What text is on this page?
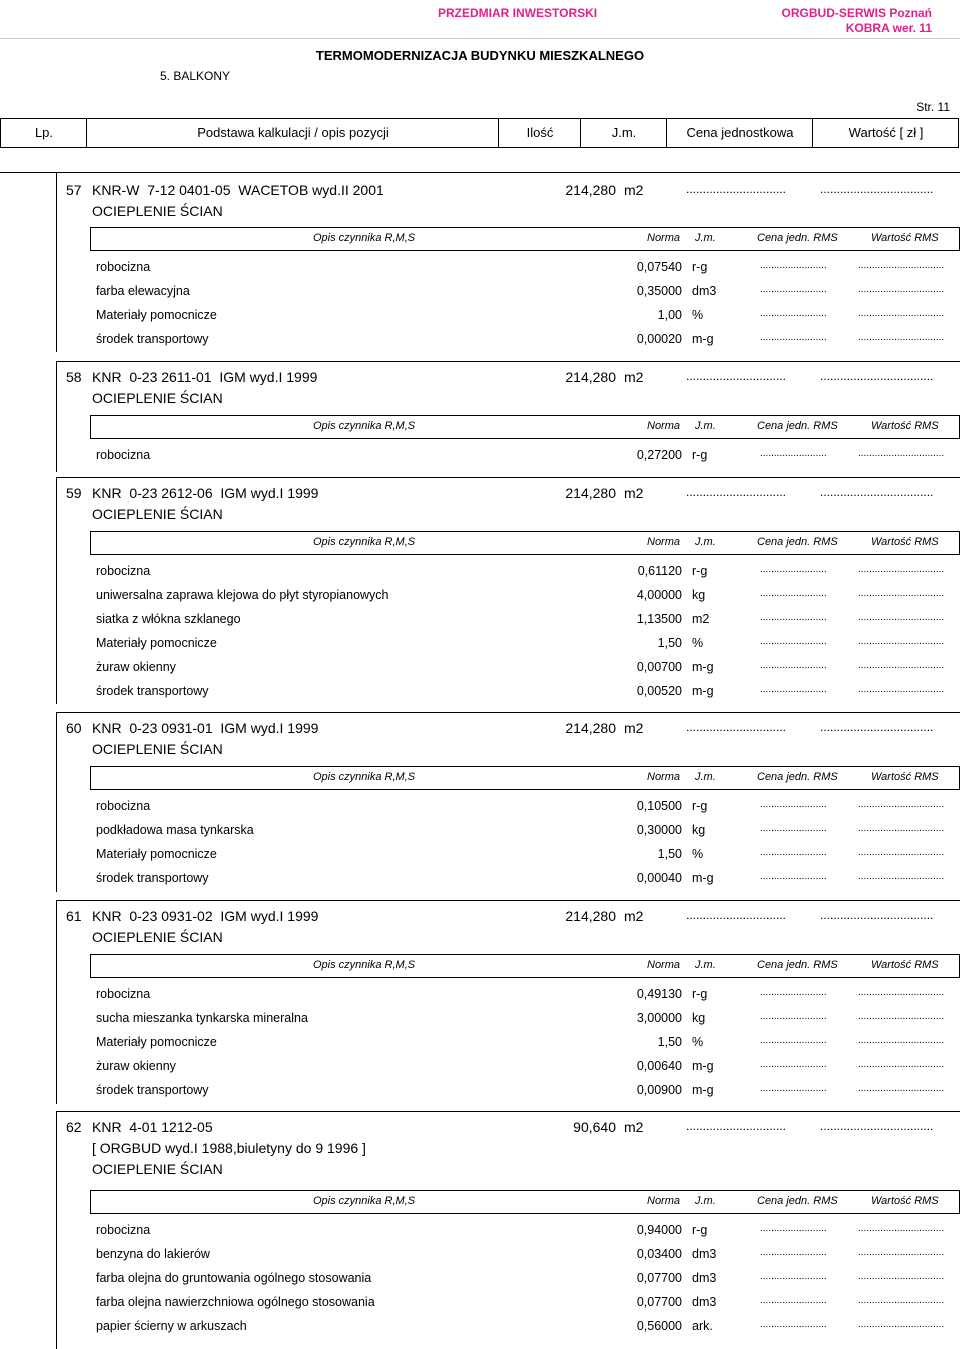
PRZEDMIAR INWESTORSKI	ORGBUD-SERWIS Poznań
KOBRA wer. 11
TERMOMODERNIZACJA BUDYNKU MIESZKALNEGO
5. BALKONY
Str. 11
Lp.	Podstawa kalkulacji / opis pozycji	Ilość	J.m.	Cena jednostkowa	Wartość [ zł ]
57 KNR-W  7-12 0401-05  WACETOB wyd.II 2001	214,280 m2	..............................	..................................
OCIEPLENIE ŚCIAN
Opis czynnika R,M,S	Norma J.m.	Cena jedn. RMS	Wartość RMS
robocizna	0,07540 r-g	........................	...............................
farba elewacyjna	0,35000 dm3	........................	...............................
Materiały pomocnicze	1,00 %	........................	...............................
środek transportowy	0,00020 m-g	........................	...............................
58 KNR  0-23 2611-01  IGM wyd.I 1999	214,280 m2	..............................	..................................
OCIEPLENIE ŚCIAN
Opis czynnika R,M,S	Norma J.m.	Cena jedn. RMS	Wartość RMS
robocizna	0,27200 r-g	........................	...............................
59 KNR  0-23 2612-06  IGM wyd.I 1999	214,280 m2	..............................	..................................
OCIEPLENIE ŚCIAN
Opis czynnika R,M,S	Norma J.m.	Cena jedn. RMS	Wartość RMS
robocizna	0,61120 r-g	........................	...............................
uniwersalna zaprawa klejowa do płyt styropianowych	4,00000 kg	........................	...............................
siatka z włókna szklanego	1,13500 m2	........................	...............................
Materiały pomocnicze	1,50 %	........................	...............................
żuraw okienny	0,00700 m-g	........................	...............................
środek transportowy	0,00520 m-g	........................	...............................
60 KNR  0-23 0931-01  IGM wyd.I 1999	214,280 m2	..............................	..................................
OCIEPLENIE ŚCIAN
Opis czynnika R,M,S	Norma J.m.	Cena jedn. RMS	Wartość RMS
robocizna	0,10500 r-g	........................	...............................
podkładowa masa tynkarska	0,30000 kg	........................	...............................
Materiały pomocnicze	1,50 %	........................	...............................
środek transportowy	0,00040 m-g	........................	...............................
61 KNR  0-23 0931-02  IGM wyd.I 1999	214,280 m2	..............................	..................................
OCIEPLENIE ŚCIAN
Opis czynnika R,M,S	Norma J.m.	Cena jedn. RMS	Wartość RMS
robocizna	0,49130 r-g	........................	...............................
sucha mieszanka tynkarska mineralna	3,00000 kg	........................	...............................
Materiały pomocnicze	1,50 %	........................	...............................
żuraw okienny	0,00640 m-g	........................	...............................
środek transportowy	0,00900 m-g	........................	...............................
62 KNR  4-01 1212-05	90,640 m2	..............................	..................................
[ ORGBUD wyd.I 1988,biuletyny do 9 1996 ]
OCIEPLENIE ŚCIAN
Opis czynnika R,M,S	Norma J.m.	Cena jedn. RMS	Wartość RMS
robocizna	0,94000 r-g	........................	...............................
benzyna do lakierów	0,03400 dm3	........................	...............................
farba olejna do gruntowania ogólnego stosowania	0,07700 dm3	........................	...............................
farba olejna nawierzchniowa ogólnego stosowania	0,07700 dm3	........................	...............................
papier ścierny w arkuszach	0,56000 ark.	........................	...............................
